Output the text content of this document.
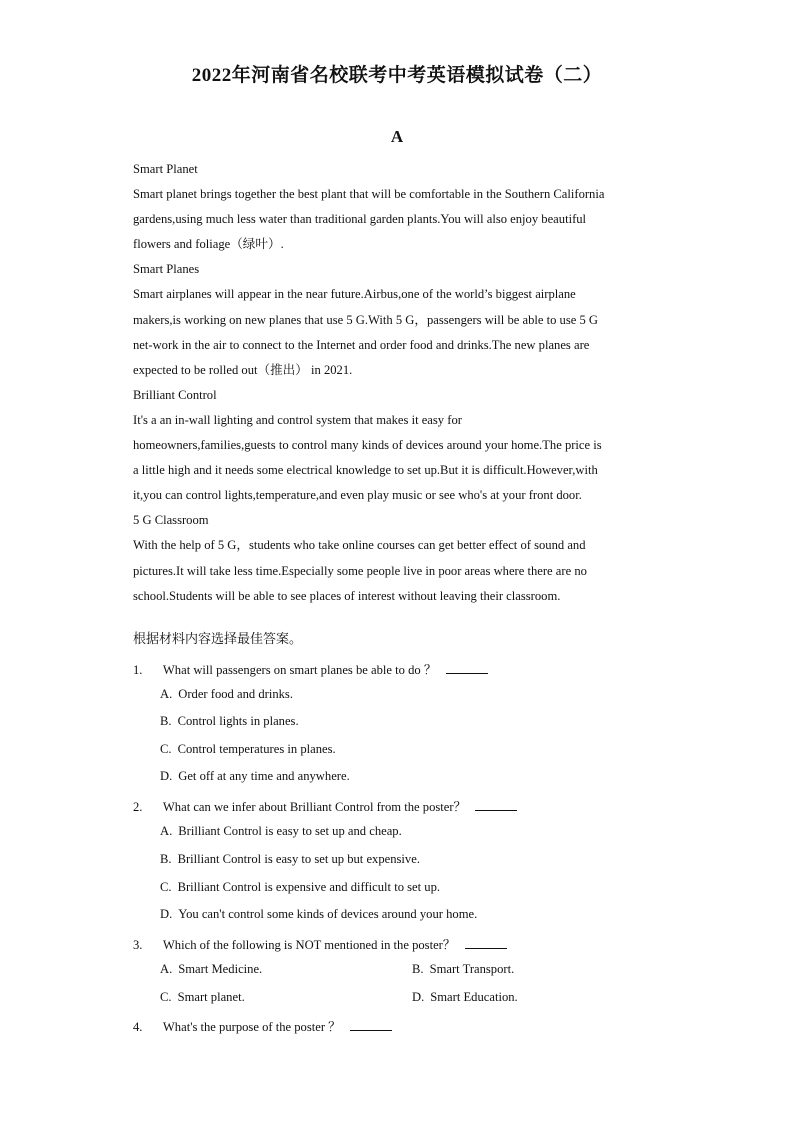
2022年河南省名校联考中考英语模拟试卷（二）
A
Smart Planet
Smart planet brings together the best plant that will be comfortable in the Southern California
gardens,using much less water than traditional garden plants.You will also enjoy beautiful
flowers and foliage（绿叶）.
Smart Planes
Smart airplanes will appear in the near future.Airbus,one of the world’s biggest airplane
makers,is working on new planes that use 5 G.With 5 G，passengers will be able to use 5 G
net-work in the air to connect to the Internet and order food and drinks.The new planes are
expected to be rolled out（推出） in 2021.
Brilliant Control
It's a an in-wall lighting and control system that makes it easy for
homeowners,families,guests to control many kinds of devices around your home.The price is
a little high and it needs some electrical knowledge to set up.But it is difficult.However,with
it,you can control lights,temperature,and even play music or see who's at your front door.
5 G Classroom
With the help of 5 G，students who take online courses can get better effect of sound and
pictures.It will take less time.Especially some people live in poor areas where there are no
school.Students will be able to see places of interest without leaving their classroom.
根据材料内容选择最佳答案。
1. What will passengers on smart planes be able to do ？
A. Order food and drinks.
B. Control lights in planes.
C. Control temperatures in planes.
D. Get off at any time and anywhere.
2. What can we infer about Brilliant Control from the poster？
A. Brilliant Control is easy to set up and cheap.
B. Brilliant Control is easy to set up but expensive.
C. Brilliant Control is expensive and difficult to set up.
D. You can't control some kinds of devices around your home.
3. Which of the following is NOT mentioned in the poster？
A. Smart Medicine.	B. Smart Transport.
C. Smart planet.	D. Smart Education.
4. What's the purpose of the poster ？
